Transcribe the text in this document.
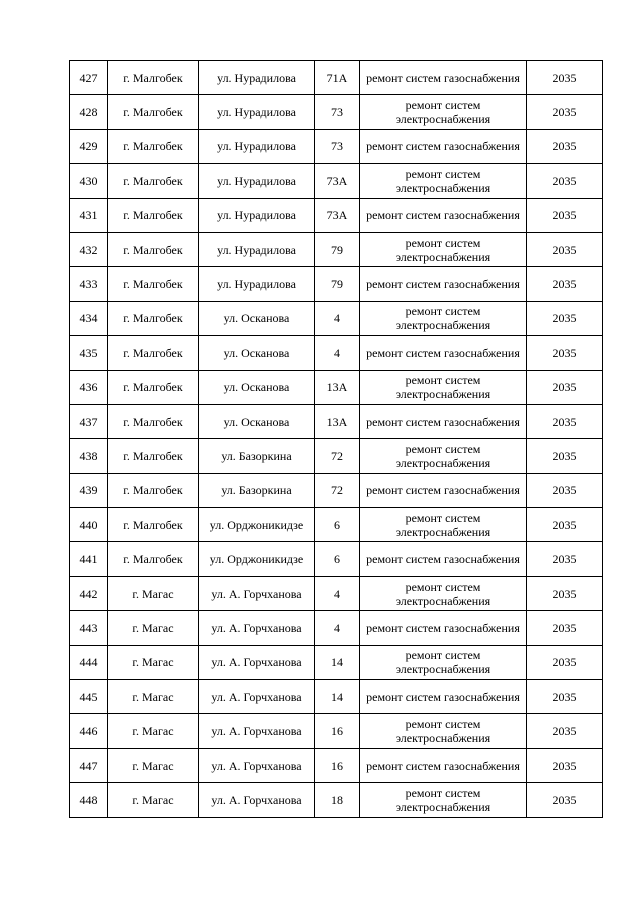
427	г. Малгобек	ул. Нурадилова	71А	ремонт систем газоснабжения	2035
428	г. Малгобек	ул. Нурадилова	73	ремонт систем электроснабжения	2035
429	г. Малгобек	ул. Нурадилова	73	ремонт систем газоснабжения	2035
430	г. Малгобек	ул. Нурадилова	73А	ремонт систем электроснабжения	2035
431	г. Малгобек	ул. Нурадилова	73А	ремонт систем газоснабжения	2035
432	г. Малгобек	ул. Нурадилова	79	ремонт систем электроснабжения	2035
433	г. Малгобек	ул. Нурадилова	79	ремонт систем газоснабжения	2035
434	г. Малгобек	ул. Осканова	4	ремонт систем электроснабжения	2035
435	г. Малгобек	ул. Осканова	4	ремонт систем газоснабжения	2035
436	г. Малгобек	ул. Осканова	13А	ремонт систем электроснабжения	2035
437	г. Малгобек	ул. Осканова	13А	ремонт систем газоснабжения	2035
438	г. Малгобек	ул. Базоркина	72	ремонт систем электроснабжения	2035
439	г. Малгобек	ул. Базоркина	72	ремонт систем газоснабжения	2035
440	г. Малгобек	ул. Орджоникидзе	6	ремонт систем электроснабжения	2035
441	г. Малгобек	ул. Орджоникидзе	6	ремонт систем газоснабжения	2035
442	г. Магас	ул. А. Горчханова	4	ремонт систем электроснабжения	2035
443	г. Магас	ул. А. Горчханова	4	ремонт систем газоснабжения	2035
444	г. Магас	ул. А. Горчханова	14	ремонт систем электроснабжения	2035
445	г. Магас	ул. А. Горчханова	14	ремонт систем газоснабжения	2035
446	г. Магас	ул. А. Горчханова	16	ремонт систем электроснабжения	2035
447	г. Магас	ул. А. Горчханова	16	ремонт систем газоснабжения	2035
448	г. Магас	ул. А. Горчханова	18	ремонт систем электроснабжения	2035
